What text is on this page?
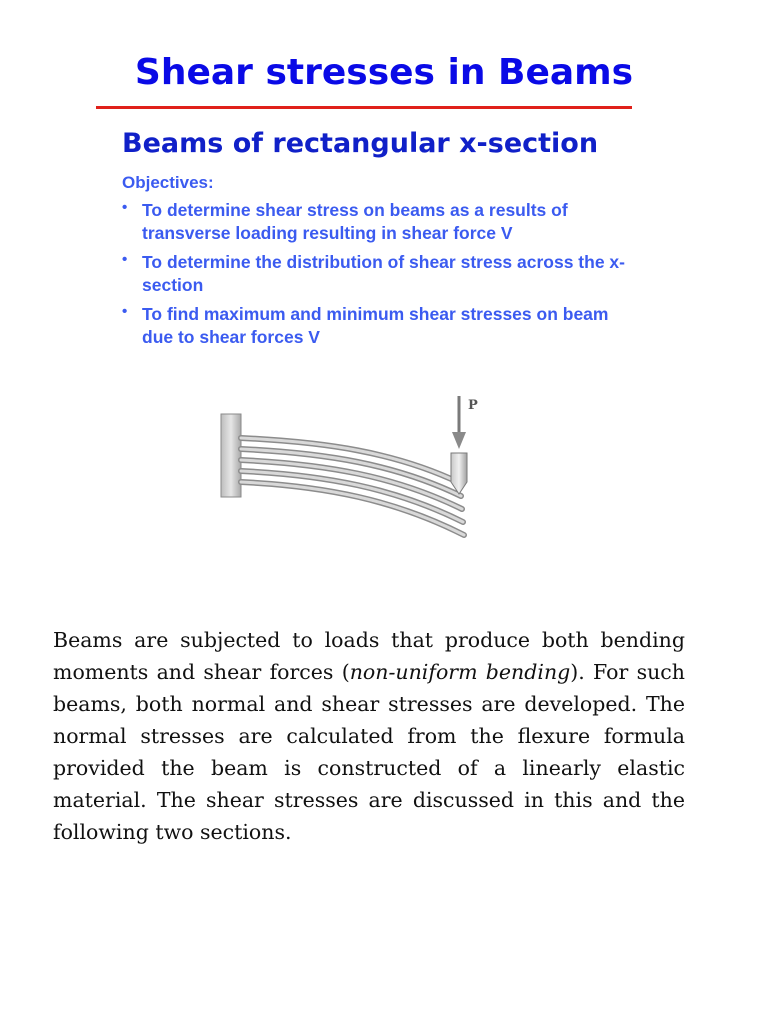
Shear stresses in Beams
Beams of rectangular x-section
Objectives:
• To determine shear stress on beams as a results of transverse loading resulting in shear force V
• To determine the distribution of shear stress across the x-section
• To find maximum and minimum shear stresses on beam due to shear forces V
P

Beams are subjected to loads that produce both bending moments and shear forces (non-uniform bending). For such beams, both normal and shear stresses are developed. The normal stresses are calculated from the flexure formula provided the beam is constructed of a linearly elastic material. The shear stresses are discussed in this and the following two sections.
